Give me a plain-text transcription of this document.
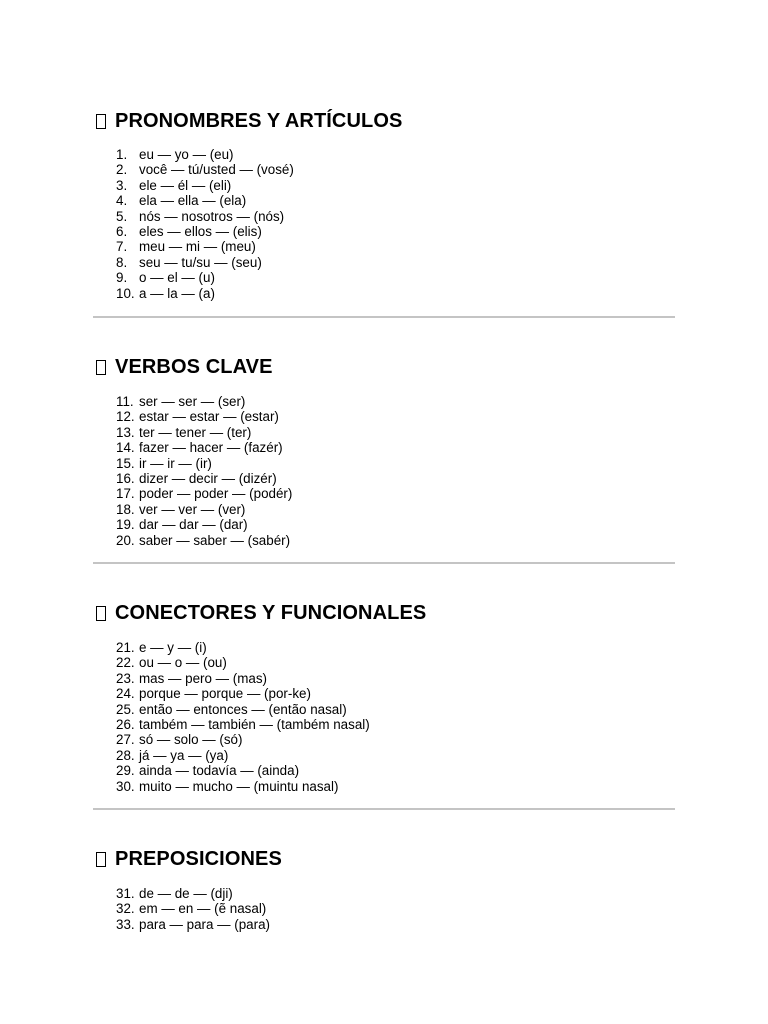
PRONOMBRES Y ARTÍCULOS
1. eu — yo — (eu)
2. você — tú/usted — (vosé)
3. ele — él — (eli)
4. ela — ella — (ela)
5. nós — nosotros — (nós)
6. eles — ellos — (elis)
7. meu — mi — (meu)
8. seu — tu/su — (seu)
9. o — el — (u)
10. a — la — (a)
VERBOS CLAVE
11. ser — ser — (ser)
12. estar — estar — (estar)
13. ter — tener — (ter)
14. fazer — hacer — (fazér)
15. ir — ir — (ir)
16. dizer — decir — (dizér)
17. poder — poder — (podér)
18. ver — ver — (ver)
19. dar — dar — (dar)
20. saber — saber — (sabér)
CONECTORES Y FUNCIONALES
21. e — y — (i)
22. ou — o — (ou)
23. mas — pero — (mas)
24. porque — porque — (por-ke)
25. então — entonces — (então nasal)
26. também — también — (também nasal)
27. só — solo — (só)
28. já — ya — (ya)
29. ainda — todavía — (ainda)
30. muito — mucho — (muintu nasal)
PREPOSICIONES
31. de — de — (dji)
32. em — en — (ẽ nasal)
33. para — para — (para)
